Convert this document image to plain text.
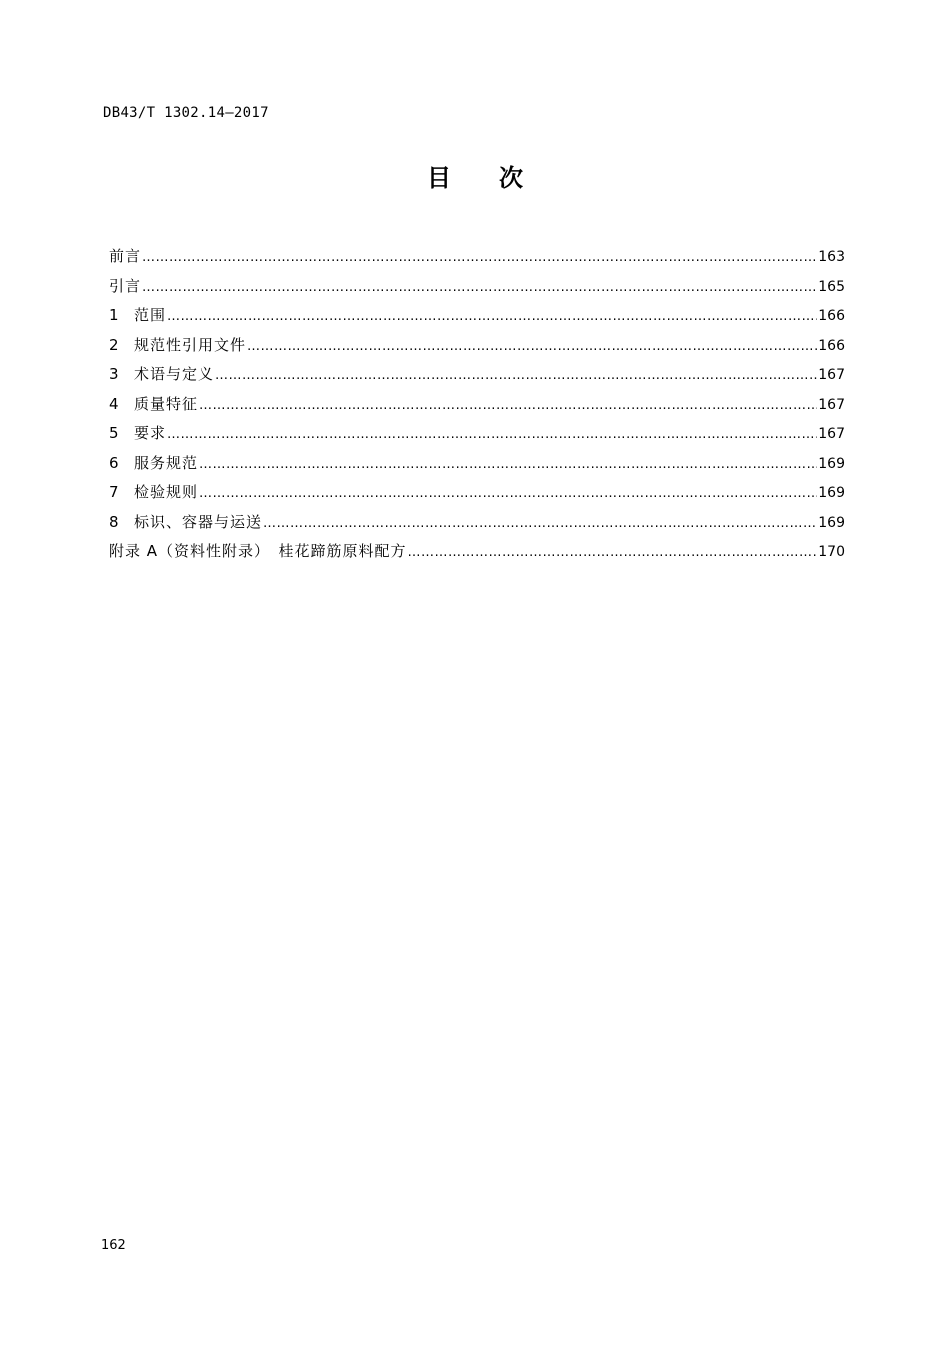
DB43/T 1302.14—2017
目 次
前言 ……………………………………………………………………………………………………………………………………………………………………………………………………………………………………	163
引言 ……………………………………………………………………………………………………………………………………………………………………………………………………………………………………	165
1	范围 ……………………………………………………………………………………………………………………………………………………………………………………………………………………………………	166
2	规范性引用文件 ……………………………………………………………………………………………………………………………………………………………………………………………………………………………………	166
3	术语与定义 ……………………………………………………………………………………………………………………………………………………………………………………………………………………………………	167
4	质量特征 ……………………………………………………………………………………………………………………………………………………………………………………………………………………………………	167
5	要求 ……………………………………………………………………………………………………………………………………………………………………………………………………………………………………	167
6	服务规范 ……………………………………………………………………………………………………………………………………………………………………………………………………………………………………	169
7	检验规则 ……………………………………………………………………………………………………………………………………………………………………………………………………………………………………	169
8	标识、容器与运送 ……………………………………………………………………………………………………………………………………………………………………………………………………………………………………	169
附录 A（资料性附录）　桂花蹄筋原料配方 ……………………………………………………………………………………………………………………………………………………………………………………………………………………………………	170
162
